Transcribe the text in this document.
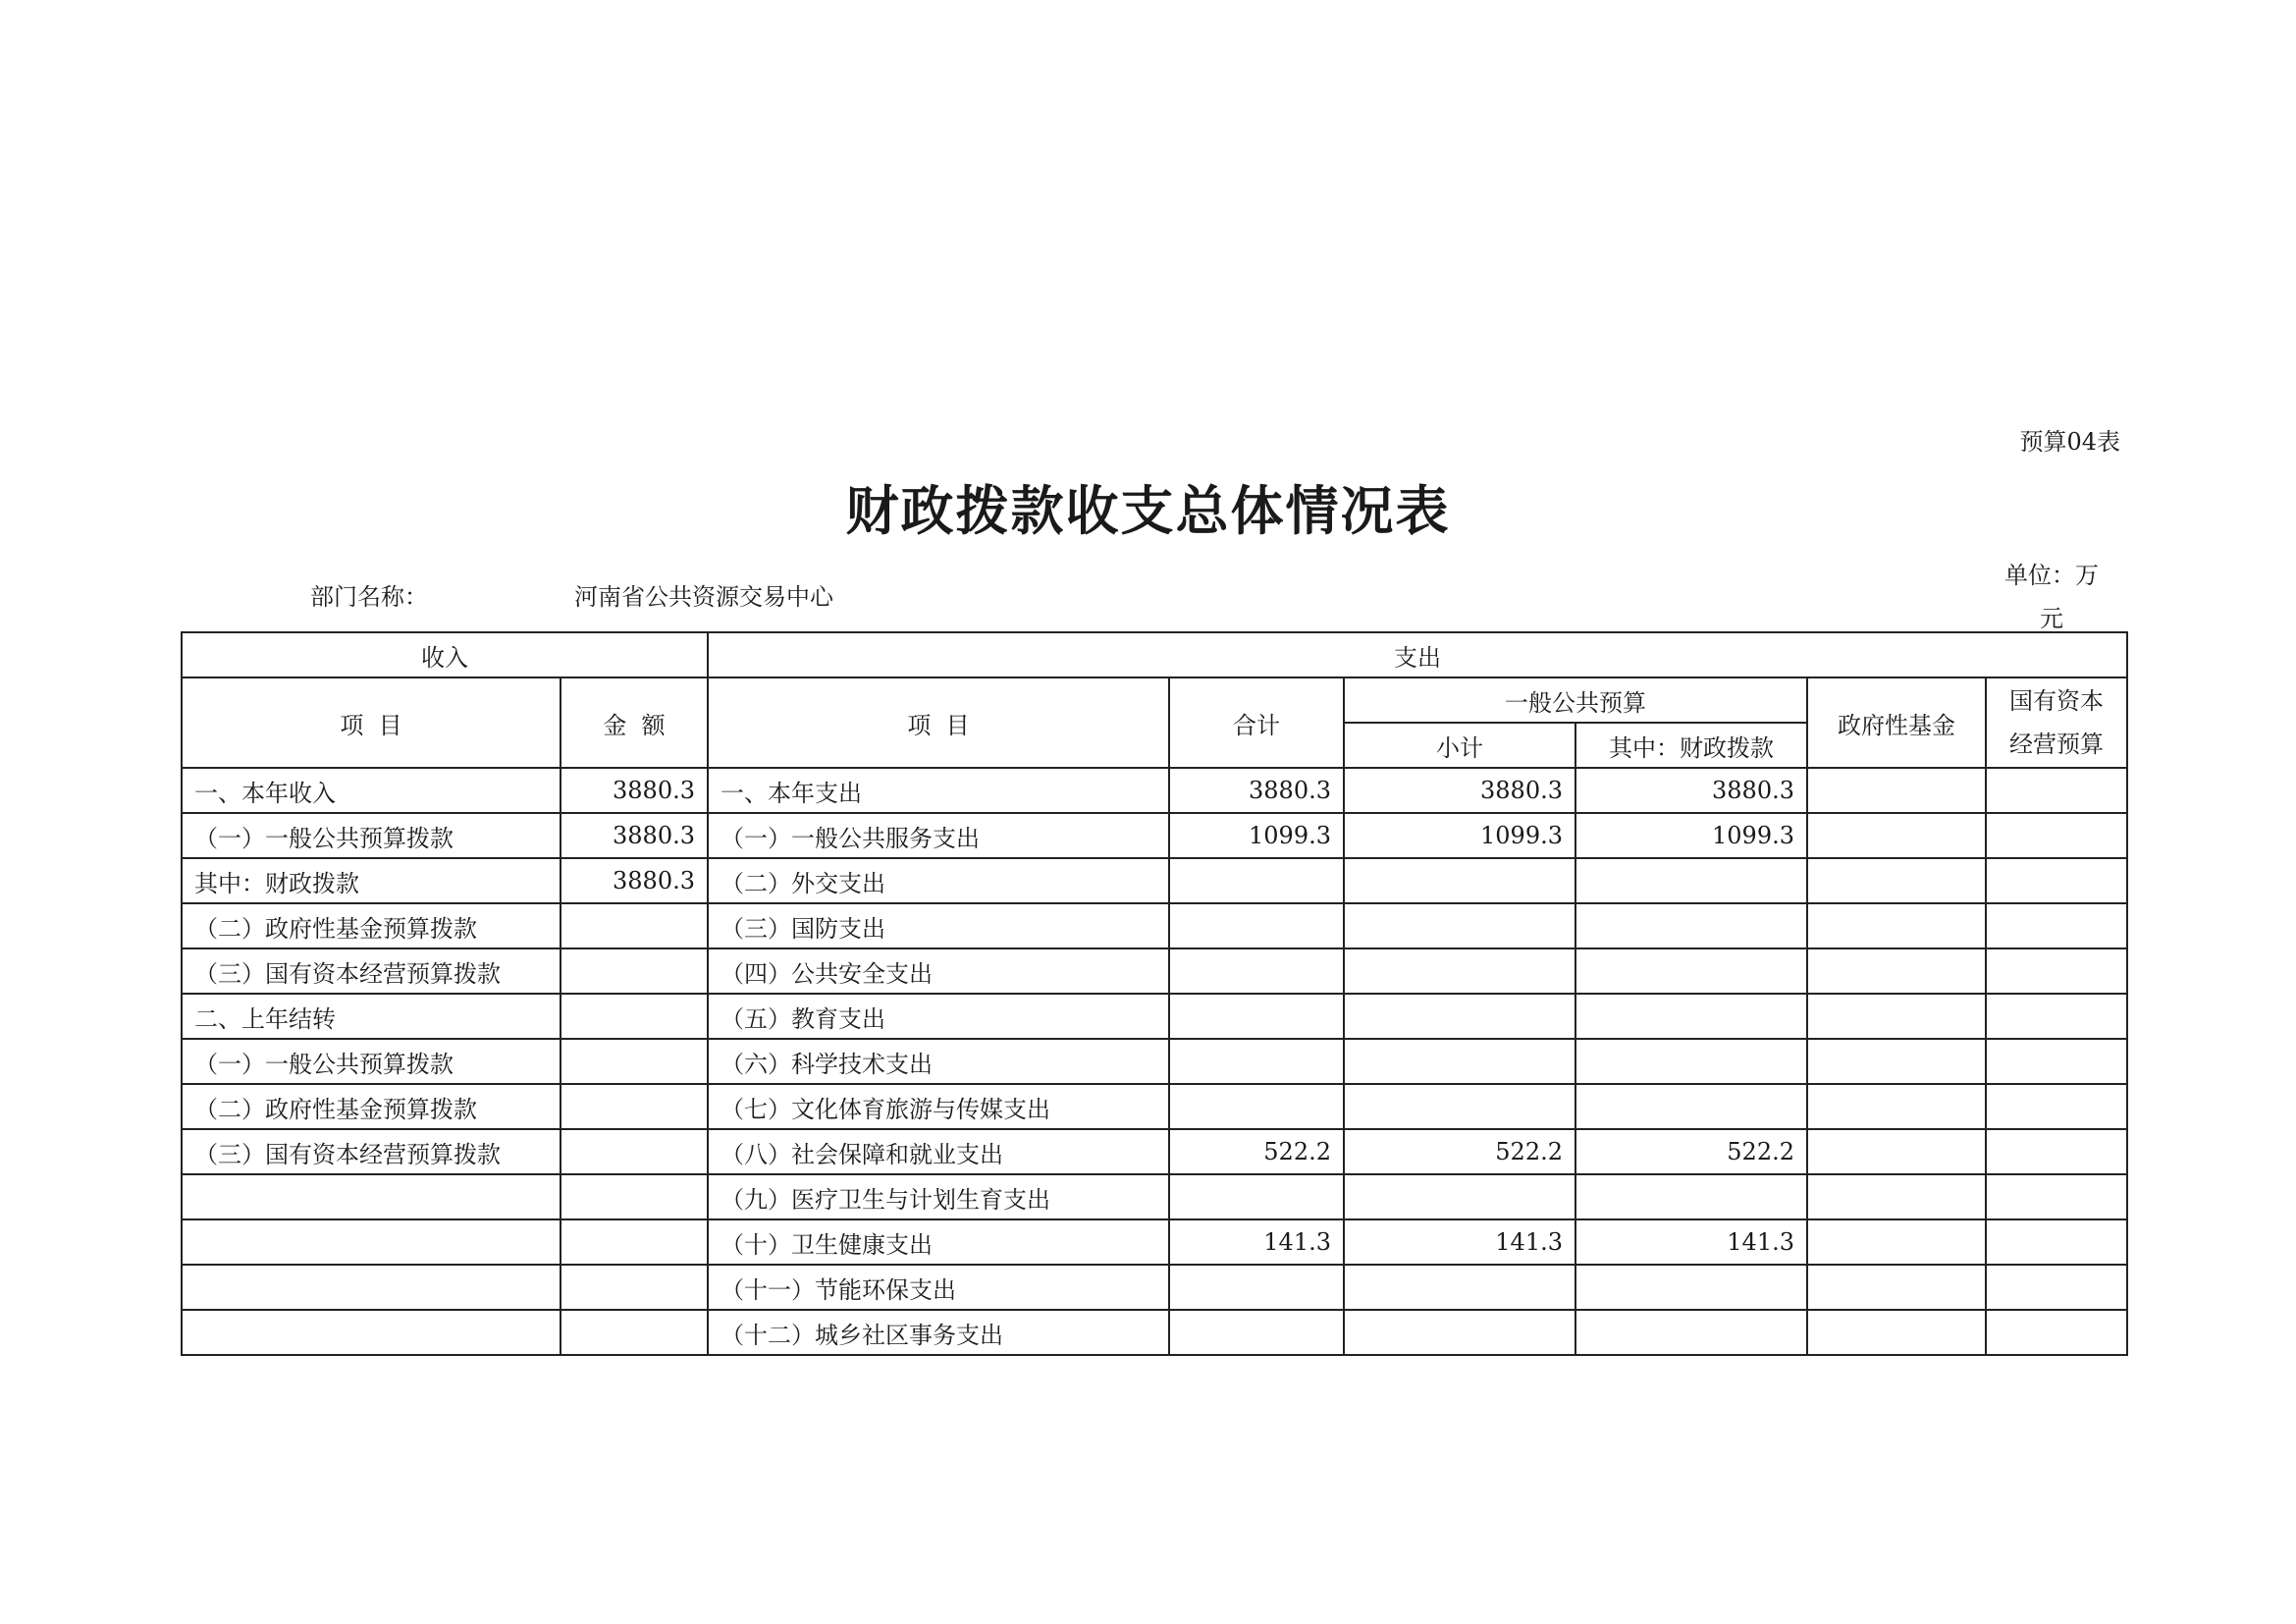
预算04表
财政拨款收支总体情况表
部门名称：	河南省公共资源交易中心
单位：万
元
收入		支出					
项  目	金  额	项  目	合计	一般公共预算		政府性基金	国有资本
经营预算

				小计	其中：财政拨款		
一、本年收入	3880.3	一、本年支出	3880.3	3880.3	3880.3		
（一）一般公共预算拨款	3880.3	（一）一般公共服务支出	1099.3	1099.3	1099.3		
其中：财政拨款	3880.3	（二）外交支出					
（二）政府性基金预算拨款		（三）国防支出					
（三）国有资本经营预算拨款		（四）公共安全支出					
二、上年结转		（五）教育支出					
（一）一般公共预算拨款		（六）科学技术支出					
（二）政府性基金预算拨款		（七）文化体育旅游与传媒支出					
（三）国有资本经营预算拨款		（八）社会保障和就业支出	522.2	522.2	522.2		
		（九）医疗卫生与计划生育支出					
		（十）卫生健康支出	141.3	141.3	141.3		
		（十一）节能环保支出					
		（十二）城乡社区事务支出					
